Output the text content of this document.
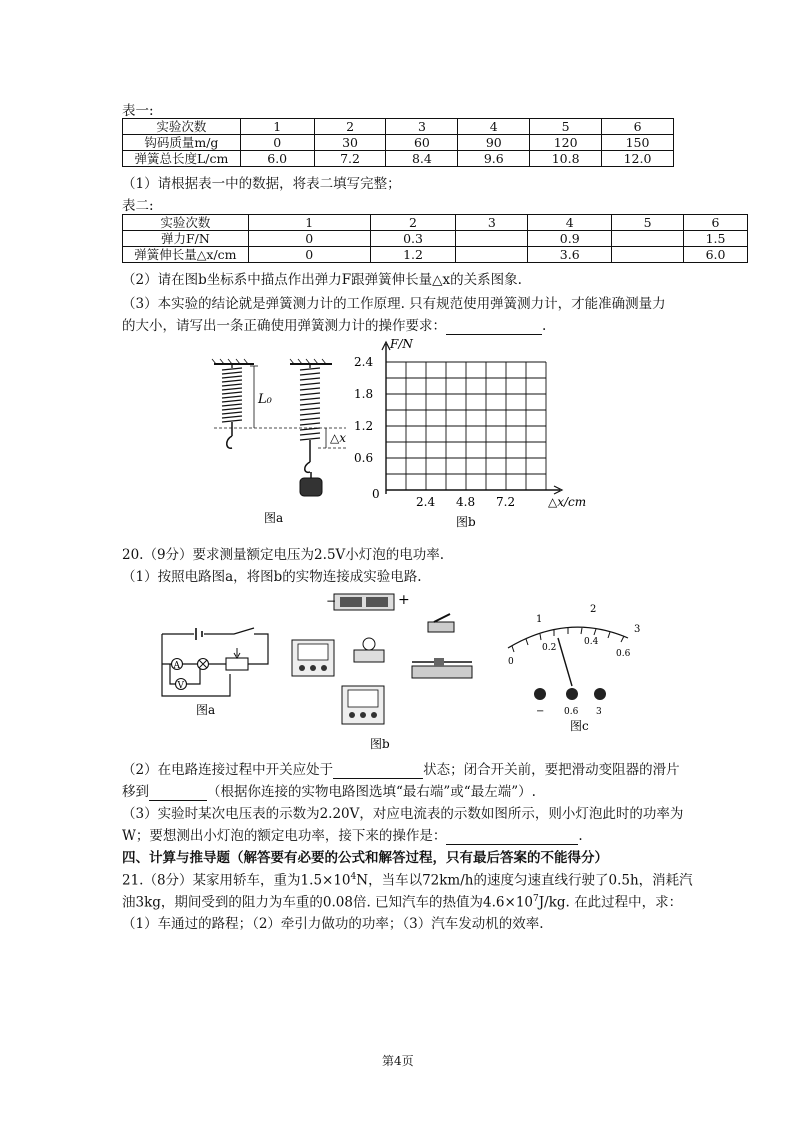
表一:
实验次数	1	2	3	4	5	6
钩码质量m/g	0	30	60	90	120	150
弹簧总长度L/cm	6.0	7.2	8.4	9.6	10.8	12.0
（1）请根据表一中的数据，将表二填写完整；
表二:
实验次数	1	2	3	4	5	6
弹力F/N	0	0.3		0.9		1.5
弹簧伸长量△x/cm	0	1.2		3.6		6.0
（2）请在图b坐标系中描点作出弹力F跟弹簧伸长量△x的关系图象.
（3）本实验的结论就是弹簧测力计的工作原理. 只有规范使用弹簧测力计，才能准确测量力
的大小，请写出一条正确使用弹簧测力计的操作要求：	.
L₀
△x
图a
F/N
2.4
1.8
1.2
0.6
0
2.4 4.8 7.2	△x/cm
图b
20.（9分）要求测量额定电压为2.5V小灯泡的电功率.
（1）按照电路图a，将图b的实物连接成实验电路.
A
V
图a
−	+
图b
1
2
3
0
0.2
0.4
0.6
− 0.6 3
图c
（2）在电路连接过程中开关应处于	状态；闭合开关前，要把滑动变阻器的滑片
移到	（根据你连接的实物电路图选填“最右端”或“最左端”）.
（3）实验时某次电压表的示数为2.20V，对应电流表的示数如图所示，则小灯泡此时的功率为
W；要想测出小灯泡的额定电功率，接下来的操作是：	.
四、计算与推导题（解答要有必要的公式和解答过程，只有最后答案的不能得分）
21.（8分）某家用轿车，重为$1.5\times 10^4N$，当车以72km/h的速度匀速直线行驶了0.5h，消耗汽
油3kg，期间受到的阻力为车重的0.08倍. 已知汽车的热值为$4.6\times 10^7J/kg$. 在此过程中，求：
（1）车通过的路程；（2）牵引力做功的功率；（3）汽车发动机的效率.
第4页
